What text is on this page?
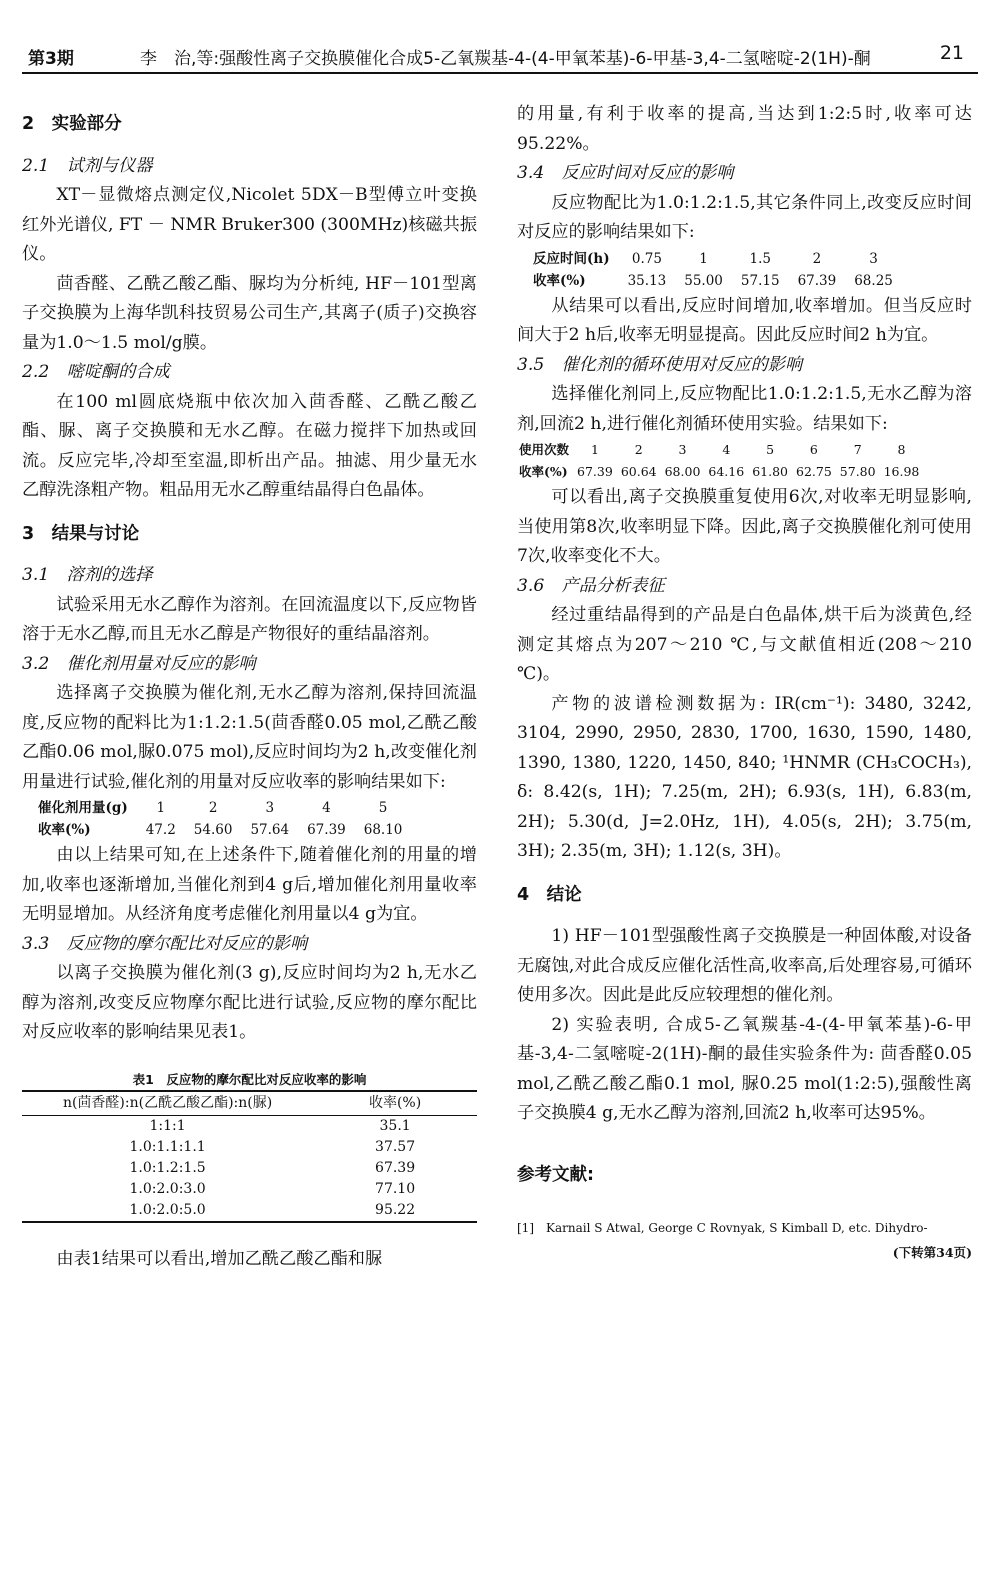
第3期	李　治,等:强酸性离子交换膜催化合成5-乙氧羰基-4-(4-甲氧苯基)-6-甲基-3,4-二氢嘧啶-2(1H)-酮	21

2　实验部分

2.1　试剂与仪器

XT－显微熔点测定仪,Nicolet 5DX－B型傅立叶变换红外光谱仪, FT － NMR Bruker300 (300MHz)核磁共振仪。

茴香醛、乙酰乙酸乙酯、脲均为分析纯, HF－101型离子交换膜为上海华凯科技贸易公司生产,其离子(质子)交换容量为1.0～1.5 mol/g膜。

2.2　嘧啶酮的合成

在100 ml圆底烧瓶中依次加入茴香醛、乙酰乙酸乙酯、脲、离子交换膜和无水乙醇。在磁力搅拌下加热或回流。反应完毕,冷却至室温,即析出产品。抽滤、用少量无水乙醇洗涤粗产物。粗品用无水乙醇重结晶得白色晶体。

3　结果与讨论

3.1　溶剂的选择

试验采用无水乙醇作为溶剂。在回流温度以下,反应物皆溶于无水乙醇,而且无水乙醇是产物很好的重结晶溶剂。

3.2　催化剂用量对反应的影响

选择离子交换膜为催化剂,无水乙醇为溶剂,保持回流温度,反应物的配料比为1:1.2:1.5(茴香醛0.05 mol,乙酰乙酸乙酯0.06 mol,脲0.075 mol),反应时间均为2 h,改变催化剂用量进行试验,催化剂的用量对反应收率的影响结果如下:

催化剂用量(g)	1	2	3	4	5
收率(%)	47.2	54.60	57.64	67.39	68.10

由以上结果可知,在上述条件下,随着催化剂的用量的增加,收率也逐渐增加,当催化剂到4 g后,增加催化剂用量收率无明显增加。从经济角度考虑催化剂用量以4 g为宜。

3.3　反应物的摩尔配比对反应的影响

以离子交换膜为催化剂(3 g),反应时间均为2 h,无水乙醇为溶剂,改变反应物摩尔配比进行试验,反应物的摩尔配比对反应收率的影响结果见表1。

表1　反应物的摩尔配比对反应收率的影响

n(茴香醛):n(乙酰乙酸乙酯):n(脲)	收率(%)
1:1:1	35.1
1.0:1.1:1.1	37.57
1.0:1.2:1.5	67.39
1.0:2.0:3.0	77.10
1.0:2.0:5.0	95.22

由表1结果可以看出,增加乙酰乙酸乙酯和脲

的用量,有利于收率的提高,当达到1:2:5时,收率可达95.22%。

3.4　反应时间对反应的影响

反应物配比为1.0:1.2:1.5,其它条件同上,改变反应时间对反应的影响结果如下:

反应时间(h)	0.75	1	1.5	2	3
收率(%)	35.13	55.00	57.15	67.39	68.25

从结果可以看出,反应时间增加,收率增加。但当反应时间大于2 h后,收率无明显提高。因此反应时间2 h为宜。

3.5　催化剂的循环使用对反应的影响

选择催化剂同上,反应物配比1.0:1.2:1.5,无水乙醇为溶剂,回流2 h,进行催化剂循环使用实验。结果如下:

使用次数	1	2	3	4	5	6	7	8
收率(%)	67.39	60.64	68.00	64.16	61.80	62.75	57.80	16.98

可以看出,离子交换膜重复使用6次,对收率无明显影响,当使用第8次,收率明显下降。因此,离子交换膜催化剂可使用7次,收率变化不大。

3.6　产品分析表征

经过重结晶得到的产品是白色晶体,烘干后为淡黄色,经测定其熔点为207～210 ℃,与文献值相近(208～210 ℃)。

产物的波谱检测数据为: IR(cm⁻¹): 3480, 3242, 3104, 2990, 2950, 2830, 1700, 1630, 1590, 1480, 1390, 1380, 1220, 1450, 840; ¹HNMR (CH₃COCH₃), δ: 8.42(s, 1H); 7.25(m, 2H); 6.93(s, 1H), 6.83(m, 2H); 5.30(d, J=2.0Hz, 1H), 4.05(s, 2H); 3.75(m, 3H); 2.35(m, 3H); 1.12(s, 3H)。

4　结论

1) HF－101型强酸性离子交换膜是一种固体酸,对设备无腐蚀,对此合成反应催化活性高,收率高,后处理容易,可循环使用多次。因此是此反应较理想的催化剂。

2) 实验表明, 合成5-乙氧羰基-4-(4-甲氧苯基)-6-甲基-3,4-二氢嘧啶-2(1H)-酮的最佳实验条件为: 茴香醛0.05 mol,乙酰乙酸乙酯0.1 mol, 脲0.25 mol(1:2:5),强酸性离子交换膜4 g,无水乙醇为溶剂,回流2 h,收率可达95%。

参考文献:

[1]　Karnail S Atwal, George C Rovnyak, S Kimball D, etc. Dihydro-

(下转第34页)
